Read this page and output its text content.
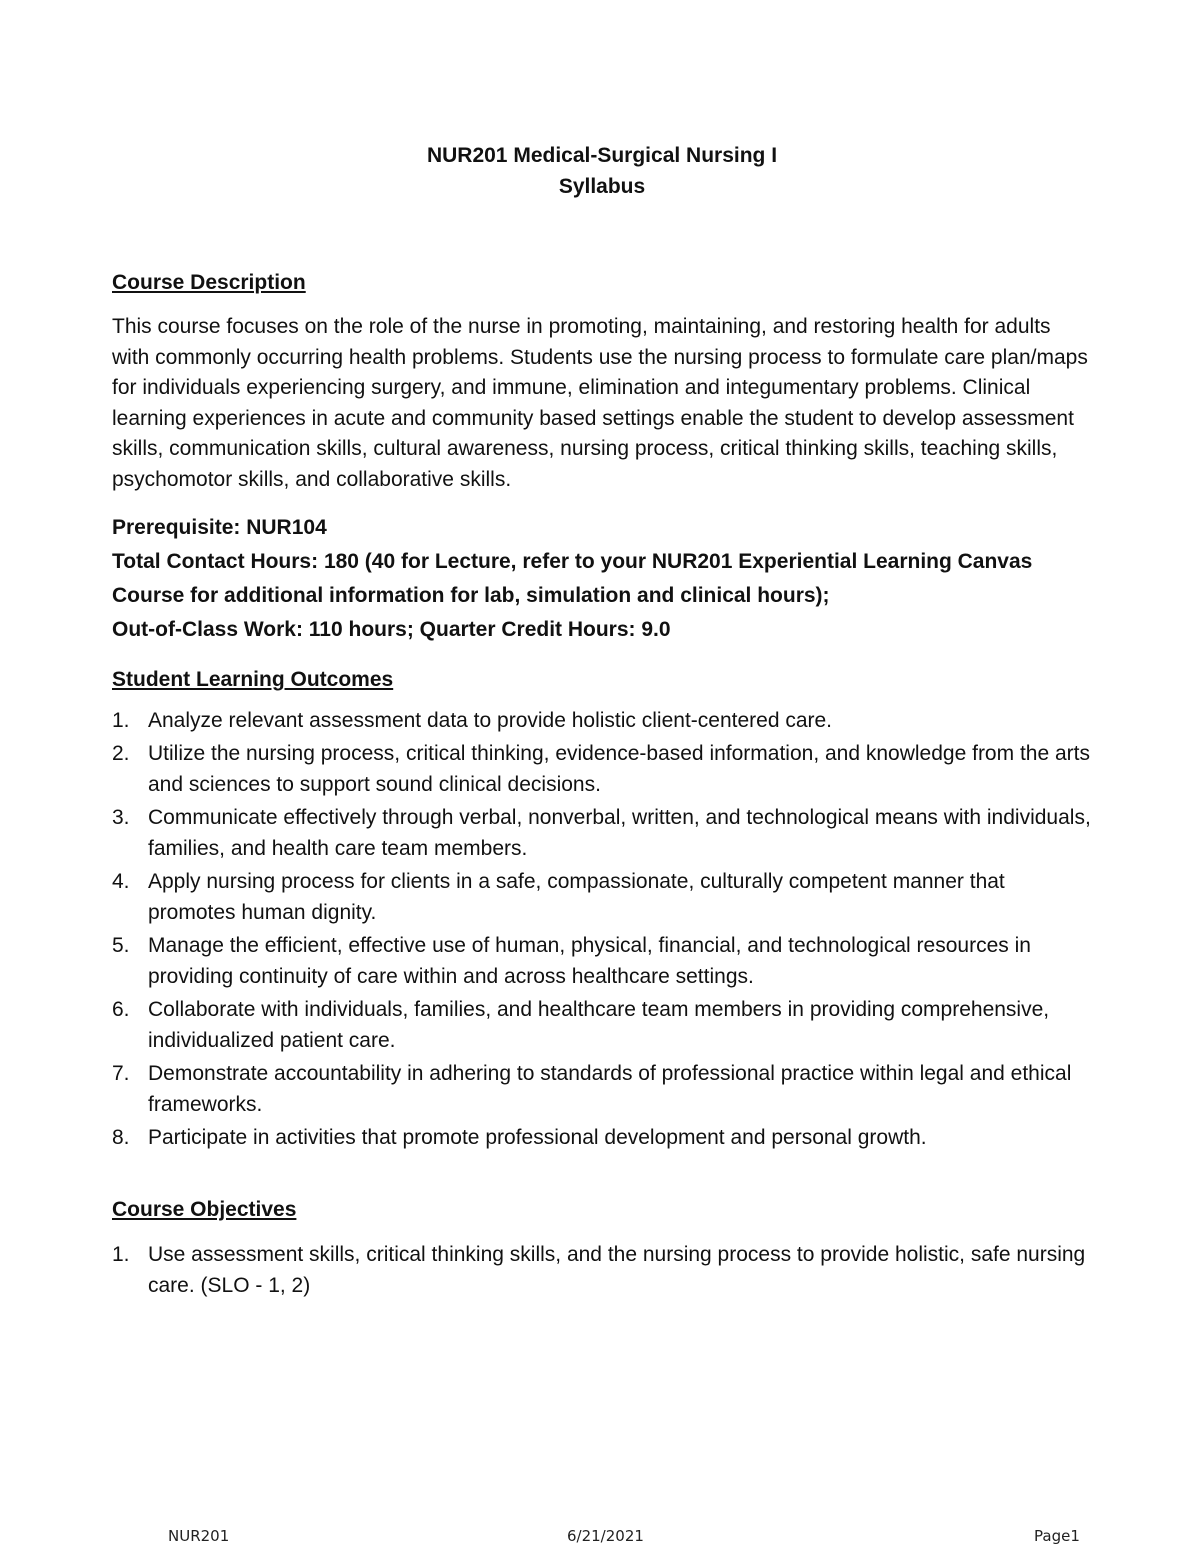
NUR201 Medical-Surgical Nursing I

Syllabus

Course Description

This course focuses on the role of the nurse in promoting, maintaining, and restoring health for adults with commonly occurring health problems. Students use the nursing process to formulate care plan/maps for individuals experiencing surgery, and immune, elimination and integumentary problems. Clinical learning experiences in acute and community based settings enable the student to develop assessment skills, communication skills, cultural awareness, nursing process, critical thinking skills, teaching skills, psychomotor skills, and collaborative skills.

Prerequisite: NUR104

Total Contact Hours: 180 (40 for Lecture, refer to your NUR201 Experiential Learning Canvas Course for additional information for lab, simulation and clinical hours);

Out-of-Class Work: 110 hours; Quarter Credit Hours: 9.0

Student Learning Outcomes

1. Analyze relevant assessment data to provide holistic client-centered care.
2. Utilize the nursing process, critical thinking, evidence-based information, and knowledge from the arts and sciences to support sound clinical decisions.
3. Communicate effectively through verbal, nonverbal, written, and technological means with individuals, families, and health care team members.
4. Apply nursing process for clients in a safe, compassionate, culturally competent manner that promotes human dignity.
5. Manage the efficient, effective use of human, physical, financial, and technological resources in providing continuity of care within and across healthcare settings.
6. Collaborate with individuals, families, and healthcare team members in providing comprehensive, individualized patient care.
7. Demonstrate accountability in adhering to standards of professional practice within legal and ethical frameworks.
8. Participate in activities that promote professional development and personal growth.

Course Objectives

1. Use assessment skills, critical thinking skills, and the nursing process to provide holistic, safe nursing care. (SLO - 1, 2)
NUR201	6/21/2021	Page1
